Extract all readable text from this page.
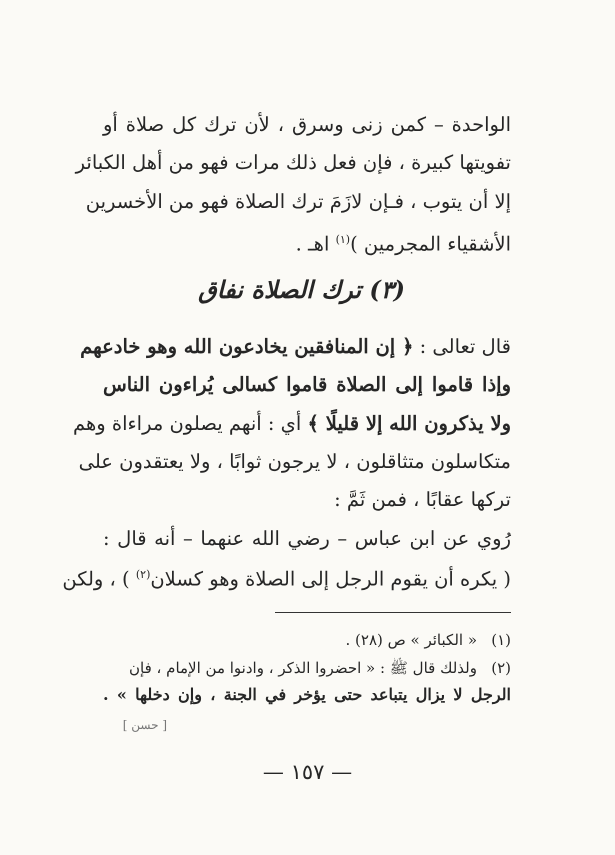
الواحدة – كمن زنى وسرق ، لأن ترك كل صلاة أو
تفويتها كبيرة ، فإن فعل ذلك مرات فهو من أهل الكبائر
إلا أن يتوب ، فـإن لازَمَ ترك الصلاة فهو من الأخسرين
الأشقياء المجرمين )$^{(١)}$ اهـ .
(٣) ترك الصلاة نفاق
قال تعالى : ﴿ إن المنافقين يخادعون الله وهو خادعهم
وإذا قاموا إلى الصلاة قاموا كسالى يُراءون الناس
ولا يذكرون الله إلا قليلًا ﴾ أي : أنهم يصلون مراءاة وهم
متكاسلون متثاقلون ، لا يرجون ثوابًا ، ولا يعتقدون على
تركها عقابًا ، فمن ثَمَّ :
رُوي عن ابن عباس – رضي الله عنهما – أنه قال :
( يكره أن يقوم الرجل إلى الصلاة وهو كسلان$^{(٢)}$ ) ، ولكن
(١)« الكبائر » ص (٢٨) .
(٢)ولذلك قال ﷺ : « احضروا الذكر ، وادنوا من الإمام ، فإن
الرجل لا يزال يتباعد حتى يؤخر في الجنة ، وإن دخلها » .
[ حسن ]
— ١٥٧ —
